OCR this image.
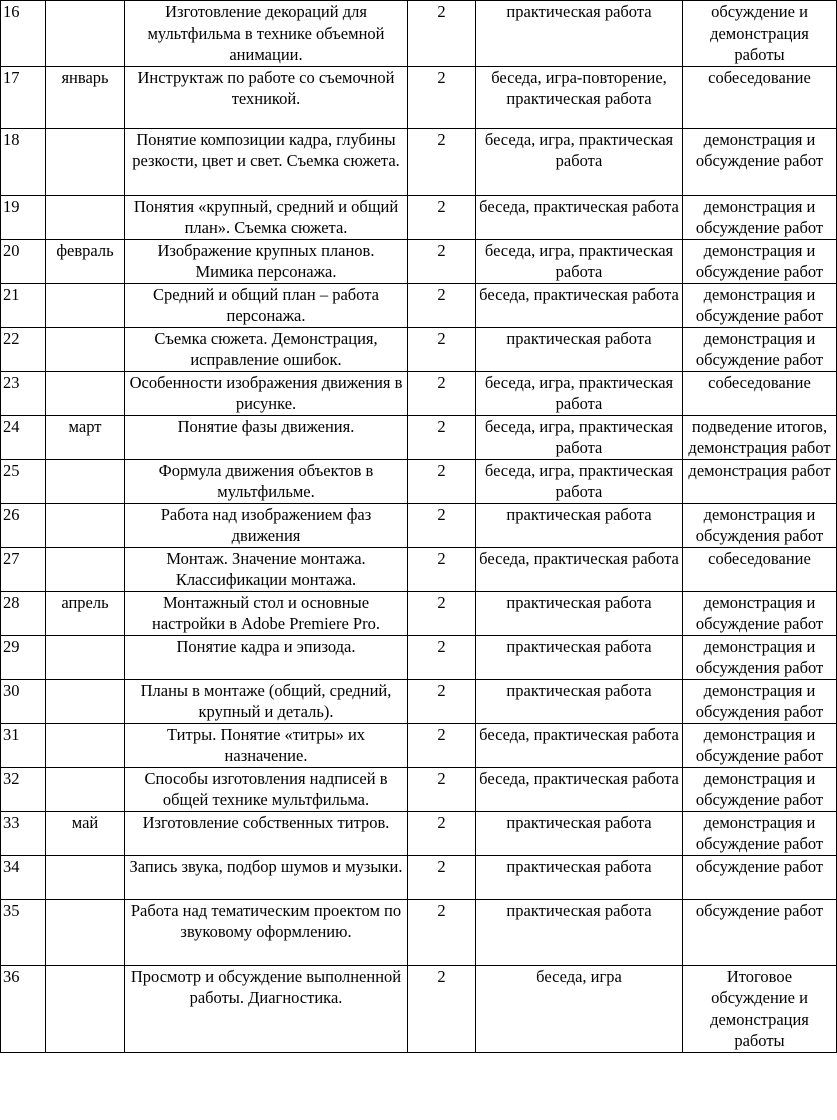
16		Изготовление декораций для мультфильма в технике объемной анимации.	2	практическая работа	обсуждение и демонстрация работы
17	январь	Инструктаж по работе со съемочной техникой.	2	беседа, игра-повторение, практическая работа	собеседование
18		Понятие композиции кадра, глубины резкости, цвет и свет. Съемка сюжета.	2	беседа, игра, практическая работа	демонстрация и обсуждение работ
19		Понятия «крупный, средний и общий план». Съемка сюжета.	2	беседа, практическая работа	демонстрация и обсуждение работ
20	февраль	Изображение крупных планов. Мимика персонажа.	2	беседа, игра, практическая работа	демонстрация и обсуждение работ
21		Средний и общий план – работа персонажа.	2	беседа, практическая работа	демонстрация и обсуждение работ
22		Съемка сюжета. Демонстрация, исправление ошибок.	2	практическая работа	демонстрация и обсуждение работ
23		Особенности изображения движения в рисунке.	2	беседа, игра, практическая работа	собеседование
24	март	Понятие фазы движения.	2	беседа, игра, практическая работа	подведение итогов, демонстрация работ
25		Формула движения объектов в мультфильме.	2	беседа, игра, практическая работа	демонстрация работ
26		Работа над изображением фаз движения	2	практическая работа	демонстрация и обсуждения работ
27		Монтаж. Значение монтажа. Классификации монтажа.	2	беседа, практическая работа	собеседование
28	апрель	Монтажный стол и основные настройки в Adobe Premiere Pro.	2	практическая работа	демонстрация и обсуждение работ
29		Понятие кадра и эпизода.	2	практическая работа	демонстрация и обсуждения работ
30		Планы в монтаже (общий, средний, крупный и деталь).	2	практическая работа	демонстрация и обсуждения работ
31		Титры. Понятие «титры» их назначение.	2	беседа, практическая работа	демонстрация и обсуждение работ
32		Способы изготовления надписей в общей технике мультфильма.	2	беседа, практическая работа	демонстрация и обсуждение работ
33	май	Изготовление собственных титров.	2	практическая работа	демонстрация и обсуждение работ
34		Запись звука, подбор шумов и музыки.	2	практическая работа	обсуждение работ
35		Работа над тематическим проектом по звуковому оформлению.	2	практическая работа	обсуждение работ
36		Просмотр и обсуждение выполненной работы. Диагностика.	2	беседа, игра	Итоговое обсуждение и демонстрация работы
